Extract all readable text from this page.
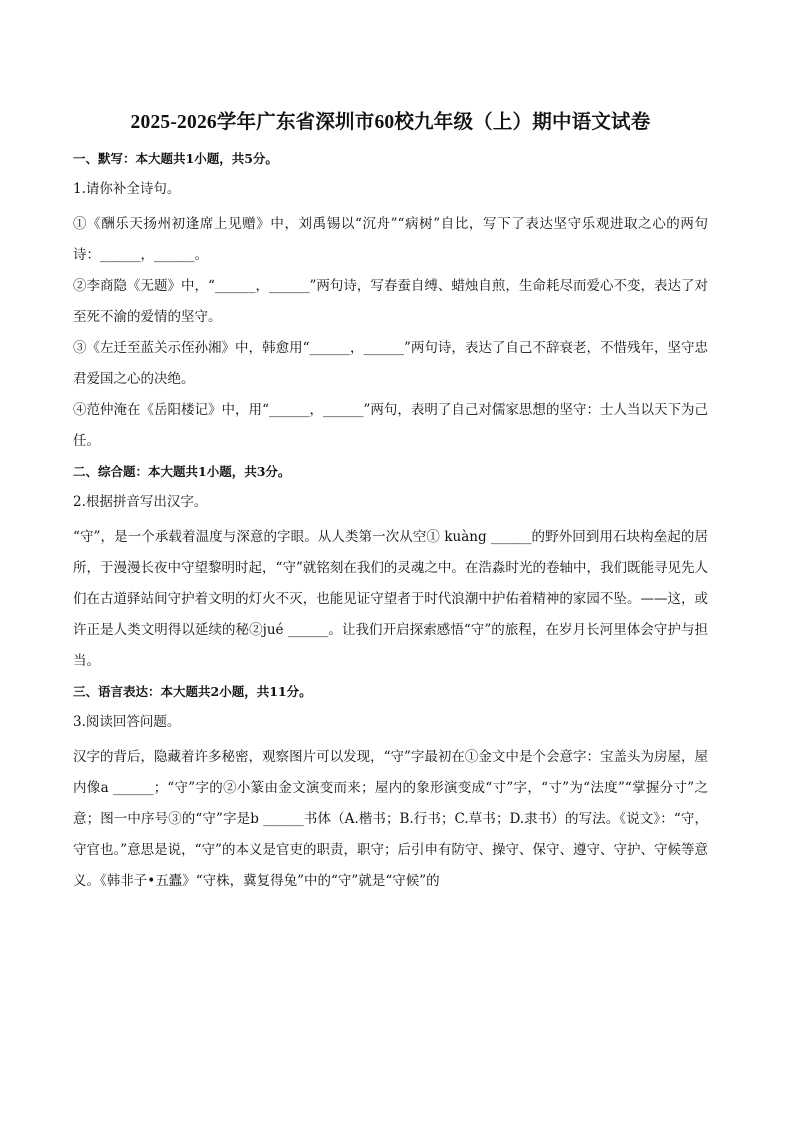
2025-2026学年广东省深圳市60校九年级（上）期中语文试卷
一、默写：本大题共1小题，共5分。
1.请你补全诗句。

①《酬乐天扬州初逢席上见赠》中，刘禹锡以“沉舟”“病树”自比，写下了表达坚守乐观进取之心的两句诗：______，______。

②李商隐《无题》中，“______，______”两句诗，写春蚕自缚、蜡烛自煎，生命耗尽而爱心不变，表达了对至死不渝的爱情的坚守。

③《左迁至蓝关示侄孙湘》中，韩愈用“______，______”两句诗，表达了自己不辞衰老，不惜残年，坚守忠君爱国之心的决绝。

④范仲淹在《岳阳楼记》中，用“______，______”两句，表明了自己对儒家思想的坚守：士人当以天下为己任。

二、综合题：本大题共1小题，共3分。
2.根据拼音写出汉字。

“守”，是一个承载着温度与深意的字眼。从人类第一次从空① kuàng ______的野外回到用石块构垒起的居所，于漫漫长夜中守望黎明时起，“守”就铭刻在我们的灵魂之中。在浩淼时光的卷轴中，我们既能寻见先人们在古道驿站间守护着文明的灯火不灭，也能见证守望者于时代浪潮中护佑着精神的家园不坠。——这，或许正是人类文明得以延续的秘②jué ______。让我们开启探索感悟“守”的旅程，在岁月长河里体会守护与担当。

三、语言表达：本大题共2小题，共11分。
3.阅读回答问题。

汉字的背后，隐藏着许多秘密，观察图片可以发现，“守”字最初在①金文中是个会意字：宝盖头为房屋，屋内像a ______；“守”字的②小篆由金文演变而来；屋内的象形演变成“寸”字，“寸”为“法度”“掌握分寸”之意；图一中序号③的“守”字是b ______书体（A.楷书；B.行书；C.草书；D.隶书）的写法。《说文》：“守，守官也。”意思是说，“守”的本义是官吏的职责，职守；后引申有防守、操守、保守、遵守、守护、守候等意义。《韩非子•五蠹》“守株，冀复得兔”中的“守”就是“守候”的
